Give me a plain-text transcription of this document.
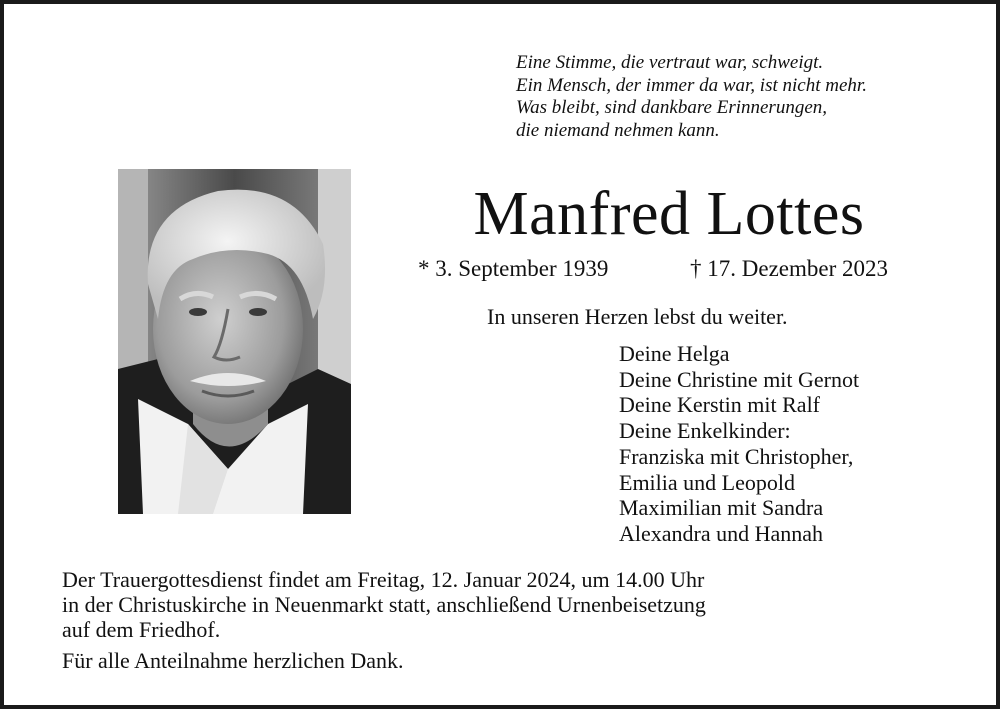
Eine Stimme, die vertraut war, schweigt.
Ein Mensch, der immer da war, ist nicht mehr.
Was bleibt, sind dankbare Erinnerungen,
die niemand nehmen kann.
Manfred Lottes
* 3. September 1939	† 17. Dezember 2023
In unseren Herzen lebst du weiter.
Deine Helga
Deine Christine mit Gernot
Deine Kerstin mit Ralf
Deine Enkelkinder:
Franziska mit Christopher,
Emilia und Leopold
Maximilian mit Sandra
Alexandra und Hannah
Der Trauergottesdienst findet am Freitag, 12. Januar 2024, um 14.00 Uhr
in der Christuskirche in Neuenmarkt statt, anschließend Urnenbeisetzung
auf dem Friedhof.
Für alle Anteilnahme herzlichen Dank.
